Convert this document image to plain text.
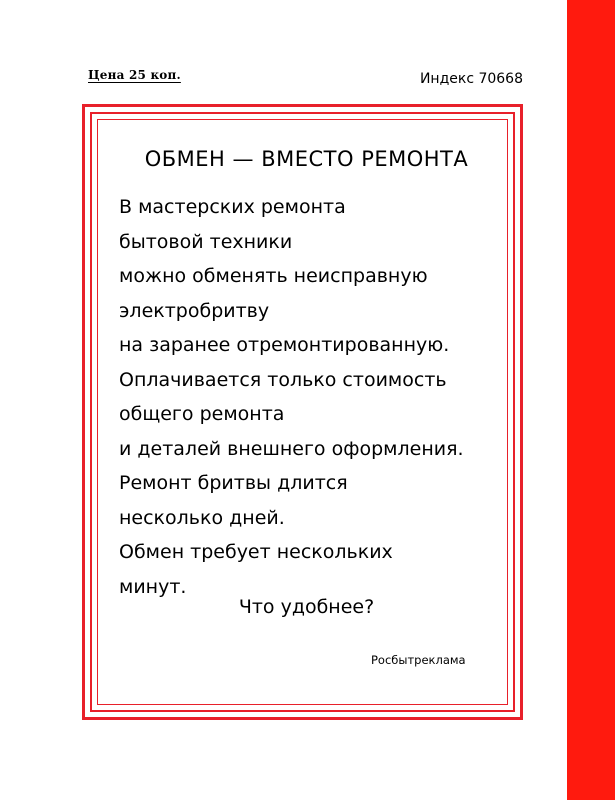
Цена 25 коп.	Индекс 70668
ОБМЕН — ВМЕСТО РЕМОНТА
В мастерских ремонта
бытовой техники
можно обменять неисправную
электробритву
на заранее отремонтированную.
Оплачивается только стоимость
общего ремонта
и деталей внешнего оформления.
Ремонт бритвы длится
несколько дней.
Обмен требует нескольких
минут.
Что удобнее?
Росбытреклама
